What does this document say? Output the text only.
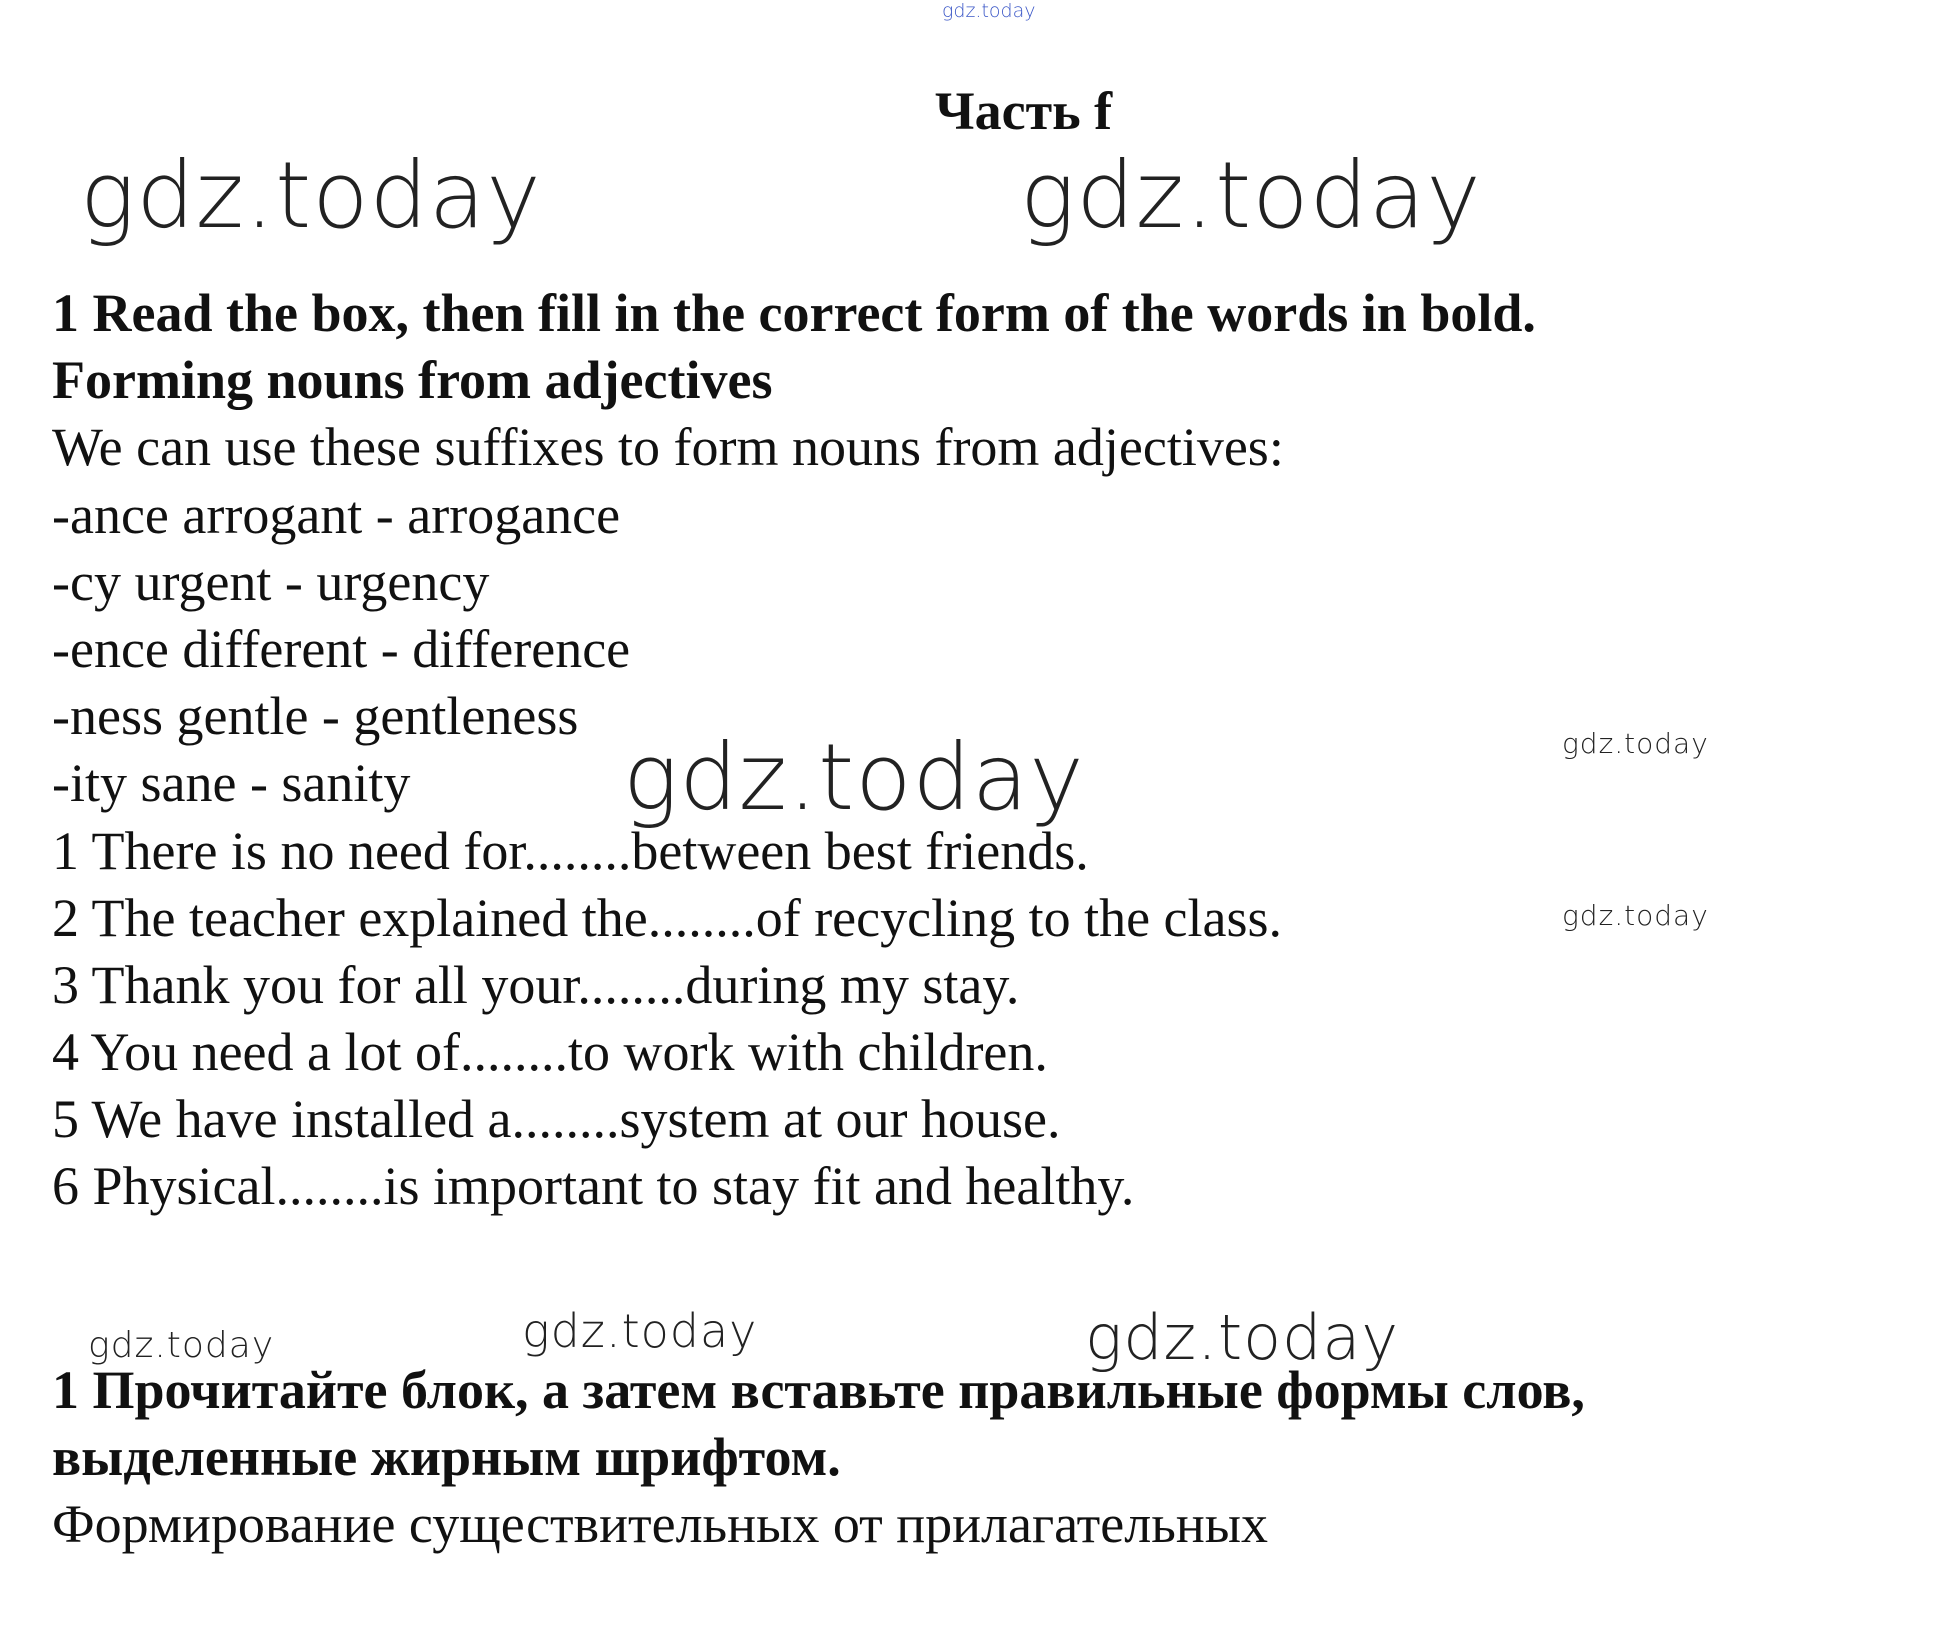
gdz.today
gdz.today	gdz.today
gdz.today	gdz.today
gdz.today
gdz.today	gdz.today	gdz.today
Часть f
1 Read the box, then fill in the correct form of the words in bold.
Forming nouns from adjectives
We can use these suffixes to form nouns from adjectives:
-ance arrogant - arrogance
-cy urgent - urgency
-ence different - difference
-ness gentle - gentleness
-ity sane - sanity
1 There is no need for........between best friends.
2 The teacher explained the........of recycling to the class.
3 Thank you for all your........during my stay.
4 You need a lot of........to work with children.
5 We have installed a........system at our house.
6 Physical........is important to stay fit and healthy.
1 Прочитайте блок, а затем вставьте правильные формы слов,
выделенные жирным шрифтом.
Формирование существительных от прилагательных
